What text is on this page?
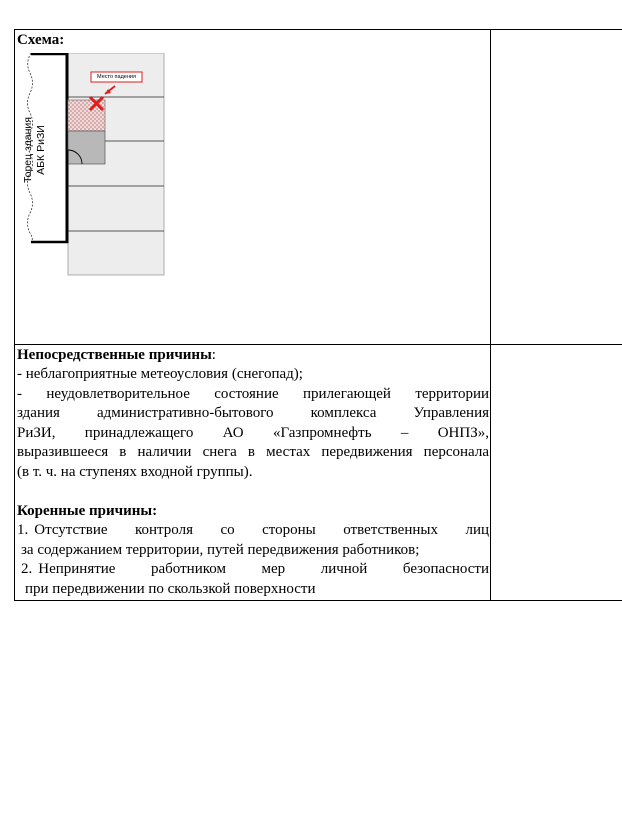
Схема:
Место падения
Торец здания АБК РиЗИ
Непосредственные причины:
- неблагоприятные метеоусловия (снегопад);
- неудовлетворительное состояние прилегающей территории
здания административно-бытового комплекса Управления
РиЗИ, принадлежащего АО «Газпромнефть – ОНПЗ»,
выразившееся в наличии снега в местах передвижения персонала
(в т. ч. на ступенях входной группы).
Коренные причины:
1. Отсутствие контроля со стороны ответственных лиц
за содержанием территории, путей передвижения работников;
2. Непринятие работником мер личной безопасности
при передвижении по скользкой поверхности
